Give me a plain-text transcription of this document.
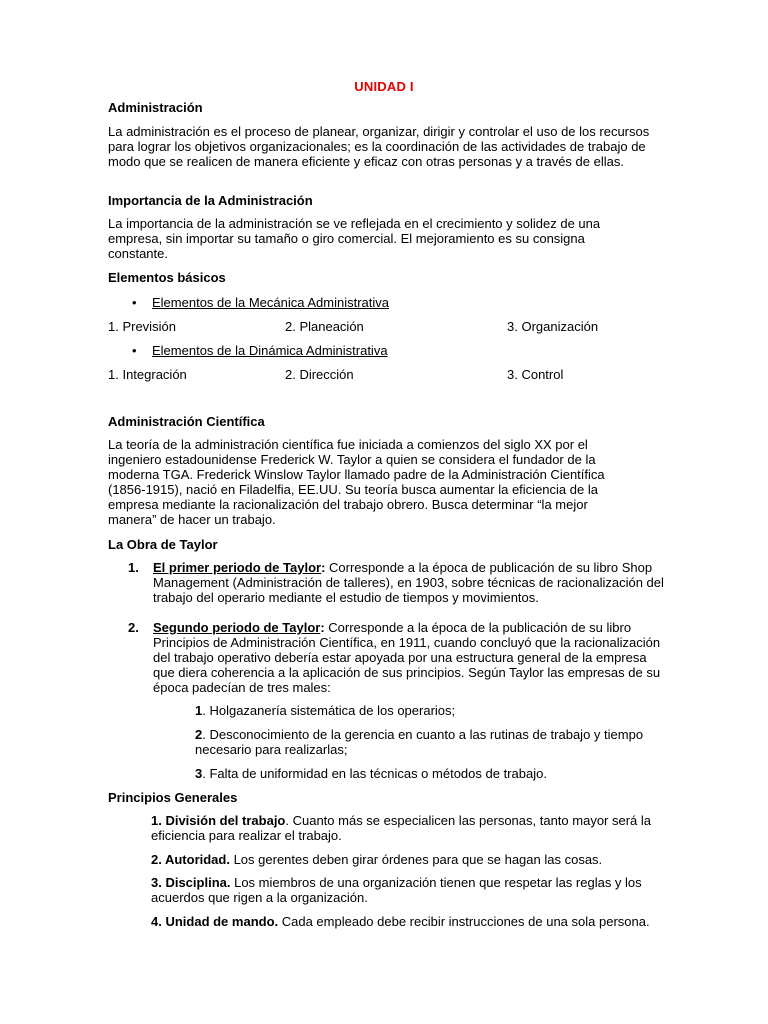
UNIDAD I
Administración

La administración es el proceso de planear, organizar, dirigir y controlar el uso de los recursos para lograr los objetivos organizacionales; es la coordinación de las actividades de trabajo de modo que se realicen de manera eficiente y eficaz con otras personas y a través de ellas.

Importancia de la Administración

La importancia de la administración se ve reflejada en el crecimiento y solidez de una empresa, sin importar su tamaño o giro comercial. El mejoramiento es su consigna constante.

Elementos básicos
• Elementos de la Mecánica Administrativa
1. Previsión	2. Planeación	3. Organización
• Elementos de la Dinámica Administrativa
1. Integración	2. Dirección	3. Control
Administración Científica

La teoría de la administración científica fue iniciada a comienzos del siglo XX por el ingeniero estadounidense Frederick W. Taylor a quien se considera el fundador de la moderna TGA. Frederick Winslow Taylor llamado padre de la Administración Científica (1856-1915), nació en Filadelfia, EE.UU. Su teoría busca aumentar la eficiencia de la empresa mediante la racionalización del trabajo obrero. Busca determinar “la mejor manera” de hacer un trabajo.

La Obra de Taylor
1. El primer periodo de Taylor: Corresponde a la época de publicación de su libro Shop Management (Administración de talleres), en 1903, sobre técnicas de racionalización del trabajo del operario mediante el estudio de tiempos y movimientos.
2. Segundo periodo de Taylor: Corresponde a la época de la publicación de su libro Principios de Administración Científica, en 1911, cuando concluyó que la racionalización del trabajo operativo debería estar apoyada por una estructura general de la empresa que diera coherencia a la aplicación de sus principios. Según Taylor las empresas de su época padecían de tres males:
1. Holgazanería sistemática de los operarios;
2. Desconocimiento de la gerencia en cuanto a las rutinas de trabajo y tiempo necesario para realizarlas;
3. Falta de uniformidad en las técnicas o métodos de trabajo.
Principios Generales
1. División del trabajo. Cuanto más se especialicen las personas, tanto mayor será la eficiencia para realizar el trabajo.
2. Autoridad. Los gerentes deben girar órdenes para que se hagan las cosas.
3. Disciplina. Los miembros de una organización tienen que respetar las reglas y los acuerdos que rigen a la organización.
4. Unidad de mando. Cada empleado debe recibir instrucciones de una sola persona.
